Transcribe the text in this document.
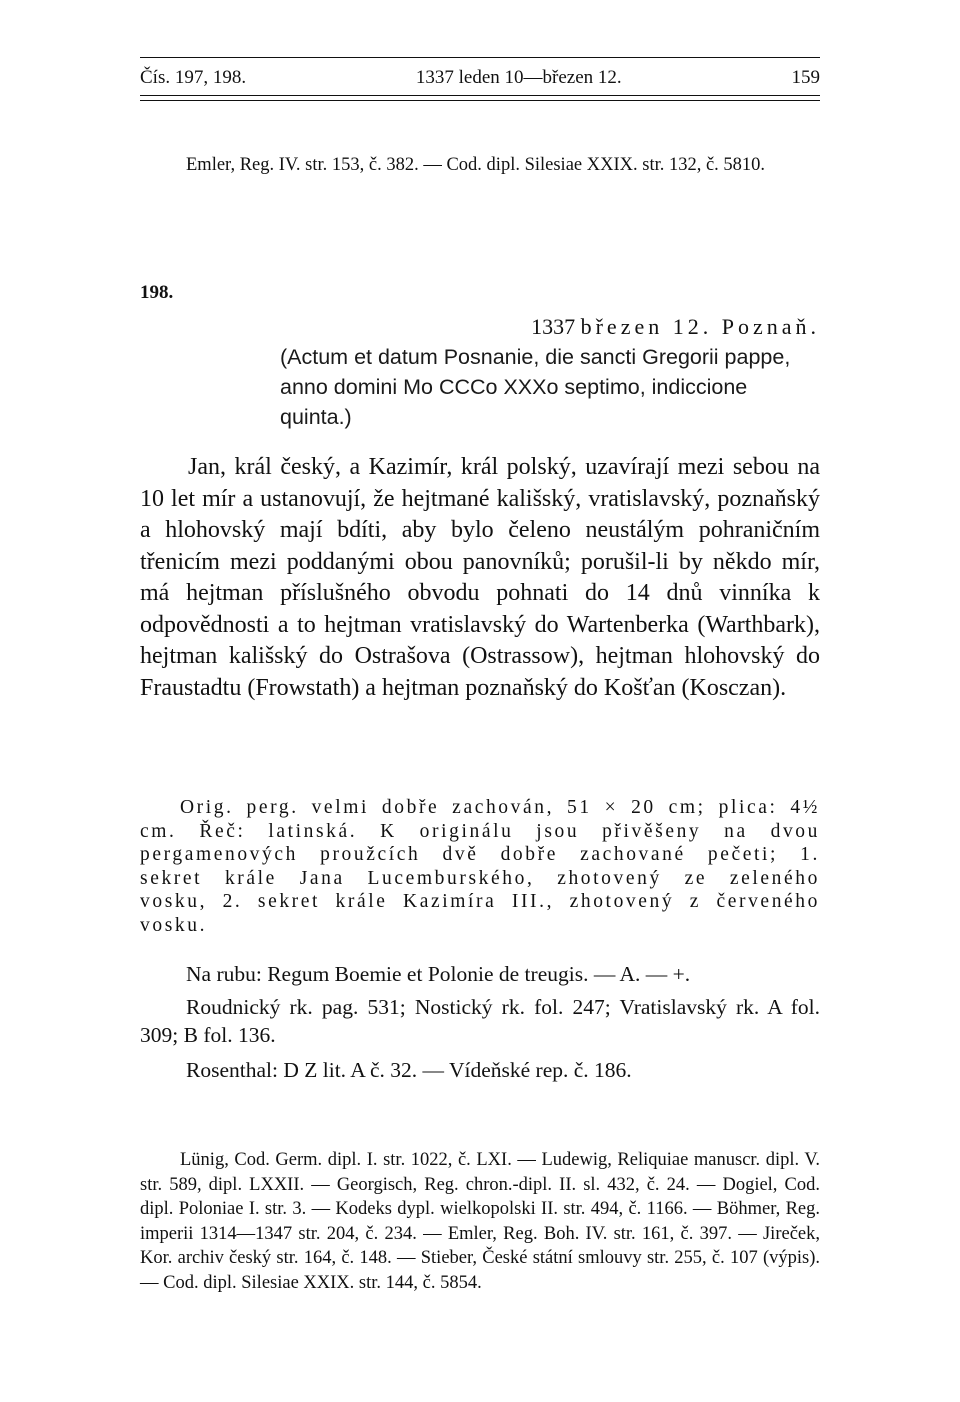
Čís. 197, 198.	1337 leden 10—březen 12.	159
Emler, Reg. IV. str. 153, č. 382. — Cod. dipl. Silesiae XXIX. str. 132, č. 5810.
198.
1337 březen 12. Poznaň.
(Actum et datum Posnanie, die sancti Gregorii pappe, anno domini Mo CCCo XXXo septimo, indiccione quinta.)
Jan, král český, a Kazimír, král polský, uzavírají mezi sebou na 10 let mír a ustanovují, že hejtmané kališský, vratislavský, poznaňský a hlohovský mají bdíti, aby bylo čeleno neustálým pohraničním třenicím mezi poddanými obou panovníků; porušil-li by někdo mír, má hejtman příslušného obvodu pohnati do 14 dnů vinníka k odpovědnosti a to hejtman vratislavský do Wartenberka (Warthbark), hejtman kališský do Ostrašova (Ostrassow), hejtman hlohovský do Fraustadtu (Frowstath) a hejtman poznaňský do Košťan (Kosczan).
Orig. perg. velmi dobře zachován, 51 × 20 cm; plica: 4½ cm. Řeč: latinská. K originálu jsou přivěšeny na dvou pergamenových proužcích dvě dobře zachované pečeti; 1. sekret krále Jana Lucemburského, zhotovený ze zeleného vosku, 2. sekret krále Kazimíra III., zhotovený z červeného vosku.

Na rubu: Regum Boemie et Polonie de treugis. — A. — +.

Roudnický rk. pag. 531; Nostický rk. fol. 247; Vratislavský rk. A fol. 309; B fol. 136.

Rosenthal: D Z lit. A č. 32. — Vídeňské rep. č. 186.

Lünig, Cod. Germ. dipl. I. str. 1022, č. LXI. — Ludewig, Reliquiae manuscr. dipl. V. str. 589, dipl. LXXII. — Georgisch, Reg. chron.-dipl. II. sl. 432, č. 24. — Dogiel, Cod. dipl. Poloniae I. str. 3. — Kodeks dypl. wielkopolski II. str. 494, č. 1166. — Böhmer, Reg. imperii 1314—1347 str. 204, č. 234. — Emler, Reg. Boh. IV. str. 161, č. 397. — Jireček, Kor. archiv český str. 164, č. 148. — Stieber, České státní smlouvy str. 255, č. 107 (výpis). — Cod. dipl. Silesiae XXIX. str. 144, č. 5854.
